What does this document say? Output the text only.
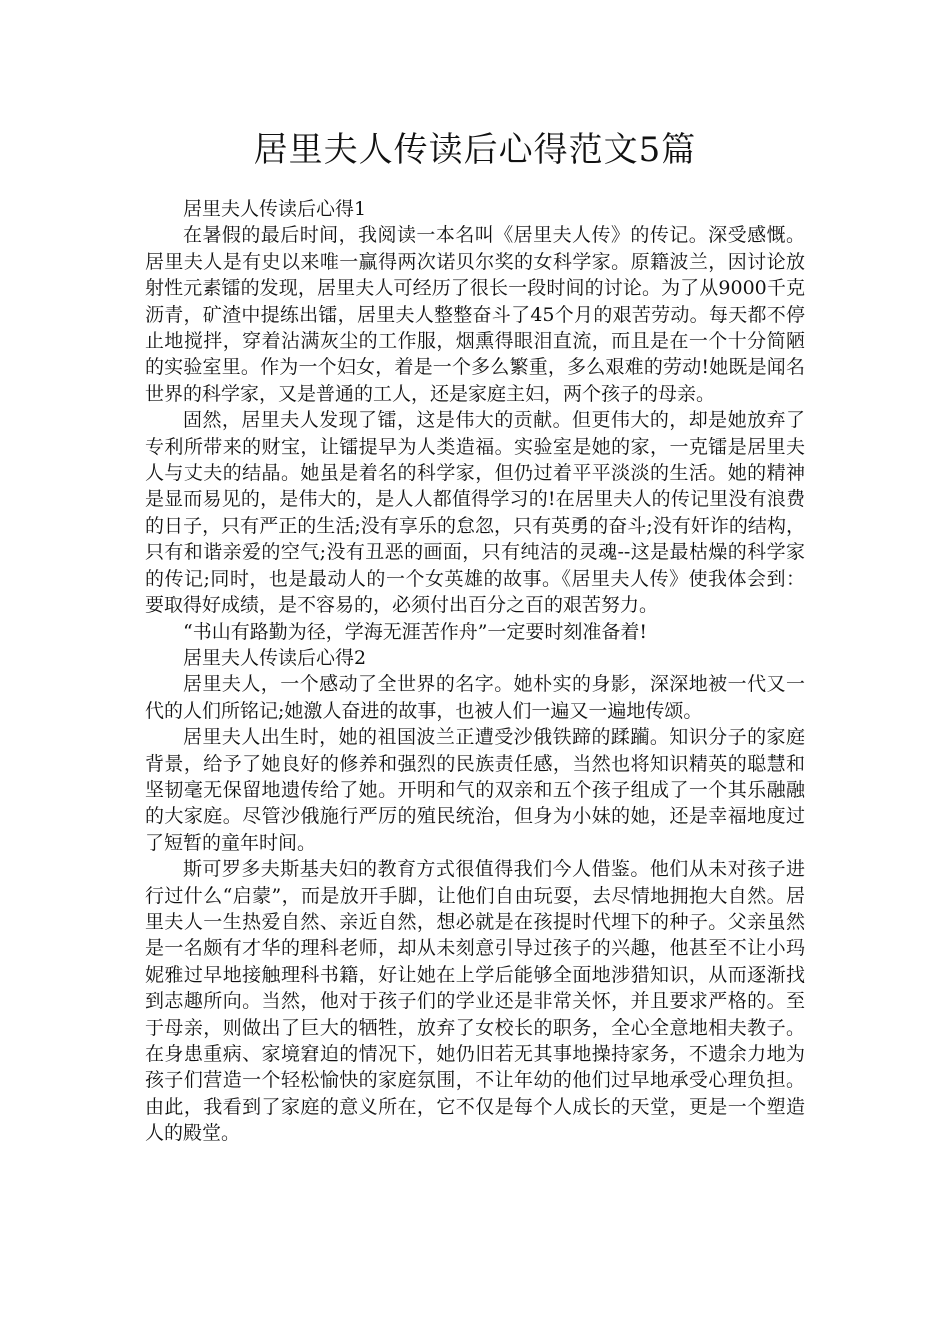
居里夫人传读后心得范文5篇

居里夫人传读后心得1

在暑假的最后时间，我阅读一本名叫《居里夫人传》的传记。深受感慨。居里夫人是有史以来唯一赢得两次诺贝尔奖的女科学家。原籍波兰，因讨论放射性元素镭的发现，居里夫人可经历了很长一段时间的讨论。为了从9000千克沥青，矿渣中提练出镭，居里夫人整整奋斗了45个月的艰苦劳动。每天都不停止地搅拌，穿着沾满灰尘的工作服，烟熏得眼泪直流，而且是在一个十分简陋的实验室里。作为一个妇女，着是一个多么繁重，多么艰难的劳动!她既是闻名世界的科学家，又是普通的工人，还是家庭主妇，两个孩子的母亲。

固然，居里夫人发现了镭，这是伟大的贡献。但更伟大的，却是她放弃了专利所带来的财宝，让镭提早为人类造福。实验室是她的家，一克镭是居里夫人与丈夫的结晶。她虽是着名的科学家，但仍过着平平淡淡的生活。她的精神是显而易见的，是伟大的，是人人都值得学习的!在居里夫人的传记里没有浪费的日子，只有严正的生活;没有享乐的怠忽，只有英勇的奋斗;没有奸诈的结构，只有和谐亲爱的空气;没有丑恶的画面，只有纯洁的灵魂--这是最枯燥的科学家的传记;同时，也是最动人的一个女英雄的故事。《居里夫人传》使我体会到：要取得好成绩，是不容易的，必须付出百分之百的艰苦努力。

“书山有路勤为径，学海无涯苦作舟”一定要时刻准备着!

居里夫人传读后心得2

居里夫人，一个感动了全世界的名字。她朴实的身影，深深地被一代又一代的人们所铭记;她激人奋进的故事，也被人们一遍又一遍地传颂。

居里夫人出生时，她的祖国波兰正遭受沙俄铁蹄的蹂躏。知识分子的家庭背景，给予了她良好的修养和强烈的民族责任感，当然也将知识精英的聪慧和坚韧毫无保留地遗传给了她。开明和气的双亲和五个孩子组成了一个其乐融融的大家庭。尽管沙俄施行严厉的殖民统治，但身为小妹的她，还是幸福地度过了短暂的童年时间。

斯可罗多夫斯基夫妇的教育方式很值得我们今人借鉴。他们从未对孩子进行过什么“启蒙”，而是放开手脚，让他们自由玩耍，去尽情地拥抱大自然。居里夫人一生热爱自然、亲近自然，想必就是在孩提时代埋下的种子。父亲虽然是一名颇有才华的理科老师，却从未刻意引导过孩子的兴趣，他甚至不让小玛妮雅过早地接触理科书籍，好让她在上学后能够全面地涉猎知识，从而逐渐找到志趣所向。当然，他对于孩子们的学业还是非常关怀，并且要求严格的。至于母亲，则做出了巨大的牺牲，放弃了女校长的职务，全心全意地相夫教子。在身患重病、家境窘迫的情况下，她仍旧若无其事地操持家务，不遗余力地为孩子们营造一个轻松愉快的家庭氛围，不让年幼的他们过早地承受心理负担。由此，我看到了家庭的意义所在，它不仅是每个人成长的天堂，更是一个塑造人的殿堂。
